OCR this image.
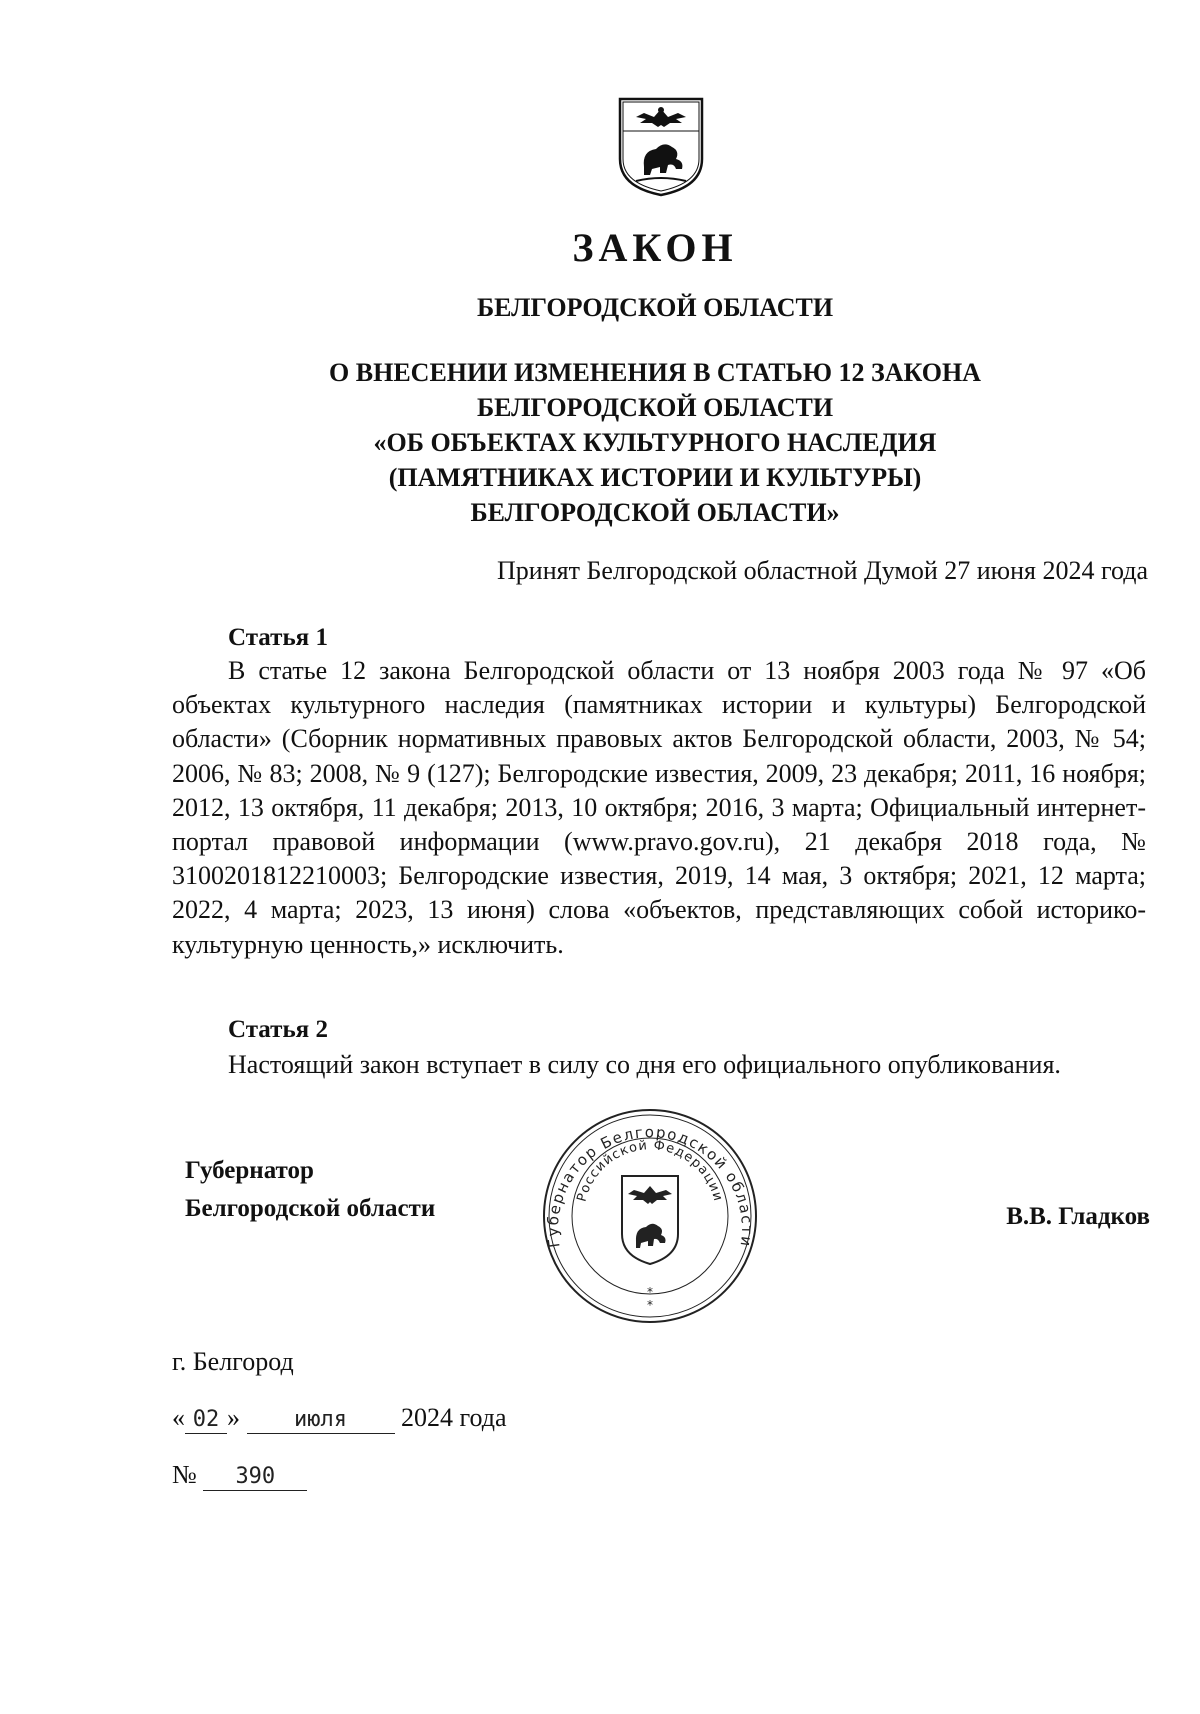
ЗАКОН
БЕЛГОРОДСКОЙ ОБЛАСТИ
О ВНЕСЕНИИ ИЗМЕНЕНИЯ В СТАТЬЮ 12 ЗАКОНА
БЕЛГОРОДСКОЙ ОБЛАСТИ
«ОБ ОБЪЕКТАХ КУЛЬТУРНОГО НАСЛЕДИЯ
(ПАМЯТНИКАХ ИСТОРИИ И КУЛЬТУРЫ)
БЕЛГОРОДСКОЙ ОБЛАСТИ»
Принят Белгородской областной Думой 27 июня 2024 года
Статья 1
В статье 12 закона Белгородской области от 13 ноября 2003 года № 97 «Об объектах культурного наследия (памятниках истории и культуры) Белгородской области» (Сборник нормативных правовых актов Белгородской области, 2003, № 54; 2006, № 83; 2008, № 9 (127); Белгородские известия, 2009, 23 декабря; 2011, 16 ноября; 2012, 13 октября, 11 декабря; 2013, 10 октября; 2016, 3 марта; Официальный интернет-портал правовой информации (www.pravo.gov.ru), 21 декабря 2018 года, № 3100201812210003; Белгородские известия, 2019, 14 мая, 3 октября; 2021, 12 марта; 2022, 4 марта; 2023, 13 июня) слова «объектов, представляющих собой историко-культурную ценность,» исключить.
Статья 2
Настоящий закон вступает в силу со дня его официального опубликования.
Губернатор
Белгородской области	В.В. Гладков
Губернатор Белгородской области
Российской Федерации
*
*
г. Белгород
« 02 » июля 2024 года
№ 390
